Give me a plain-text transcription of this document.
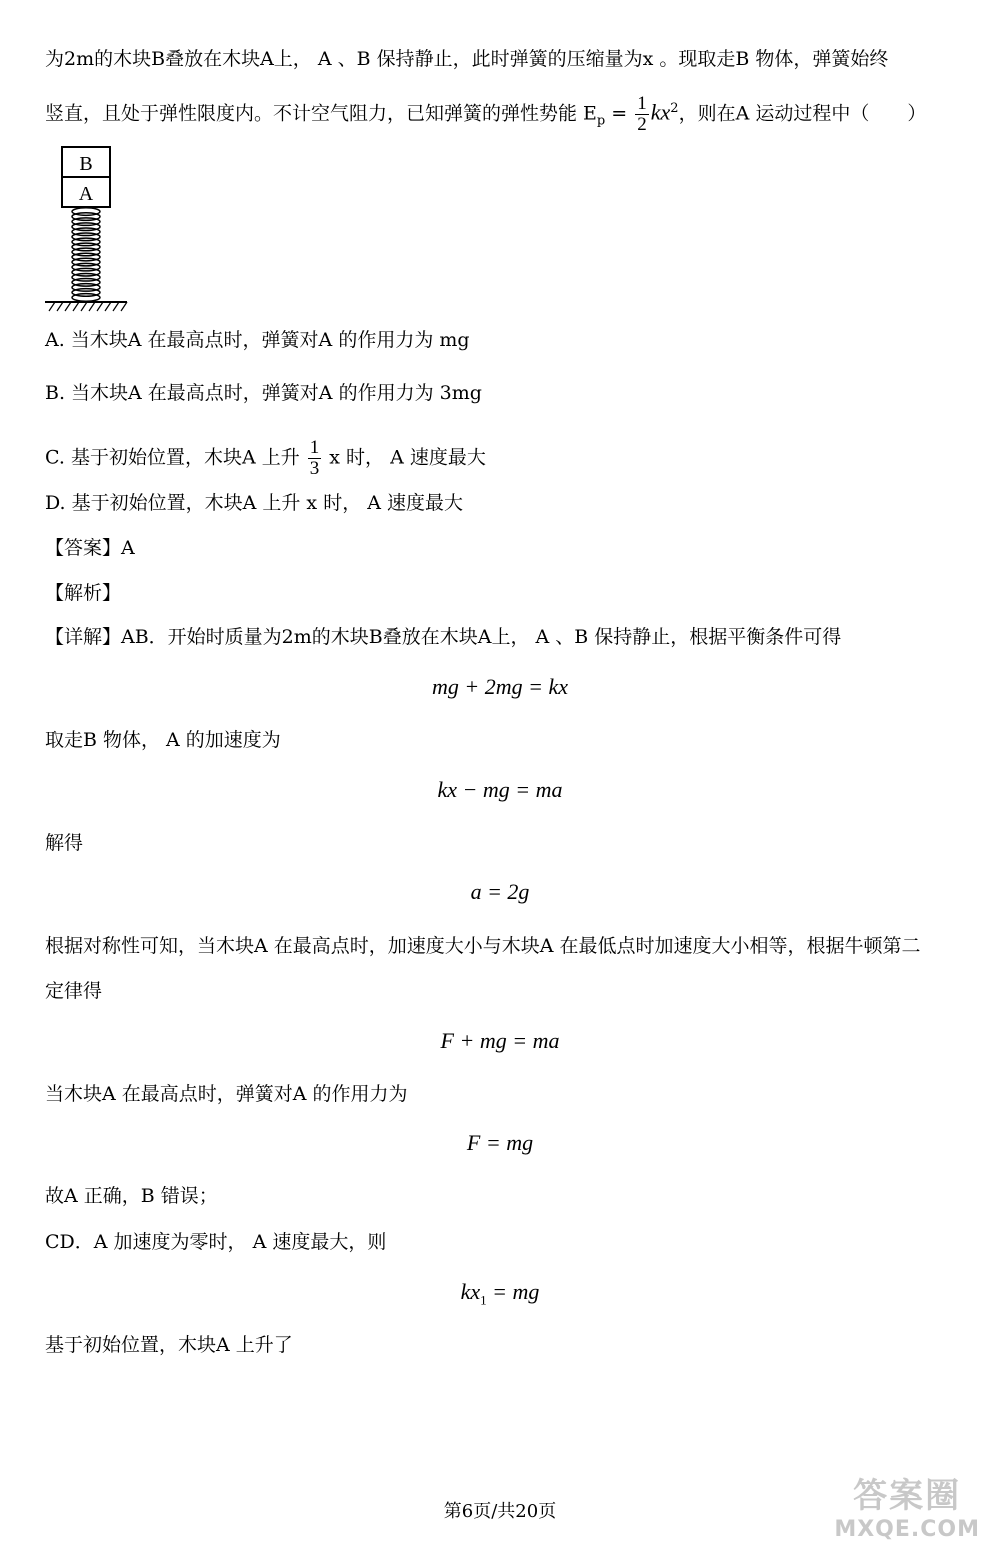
为2m的木块B叠放在木块A上， A 、B 保持静止，此时弹簧的压缩量为x 。现取走B 物体，弹簧始终
竖直，且处于弹性限度内。不计空气阻力，已知弹簧的弹性势能 $E_p = \frac{1}{2} kx^2$，则在A 运动过程中（　　）
B
A
A. 当木块A 在最高点时，弹簧对A 的作用力为 mg
B. 当木块A 在最高点时，弹簧对A 的作用力为 3mg
C. 基于初始位置，木块A 上升 $\frac{1}{3}$ x 时， A 速度最大
D. 基于初始位置，木块A 上升 x 时， A 速度最大
【答案】A
【解析】
【详解】AB．开始时质量为2m的木块B叠放在木块A上， A 、B 保持静止，根据平衡条件可得
mg + 2mg = kx
取走B 物体， A 的加速度为
kx − mg = ma
解得
a = 2g
根据对称性可知，当木块A 在最高点时，加速度大小与木块A 在最低点时加速度大小相等，根据牛顿第二
定律得
F + mg = ma
当木块A 在最高点时，弹簧对A 的作用力为
F = mg
故A 正确，B 错误；
CD．A 加速度为零时， A 速度最大，则
$kx_1$ = mg
基于初始位置，木块A 上升了
第6页/共20页	答案圈
MXQE.COM
